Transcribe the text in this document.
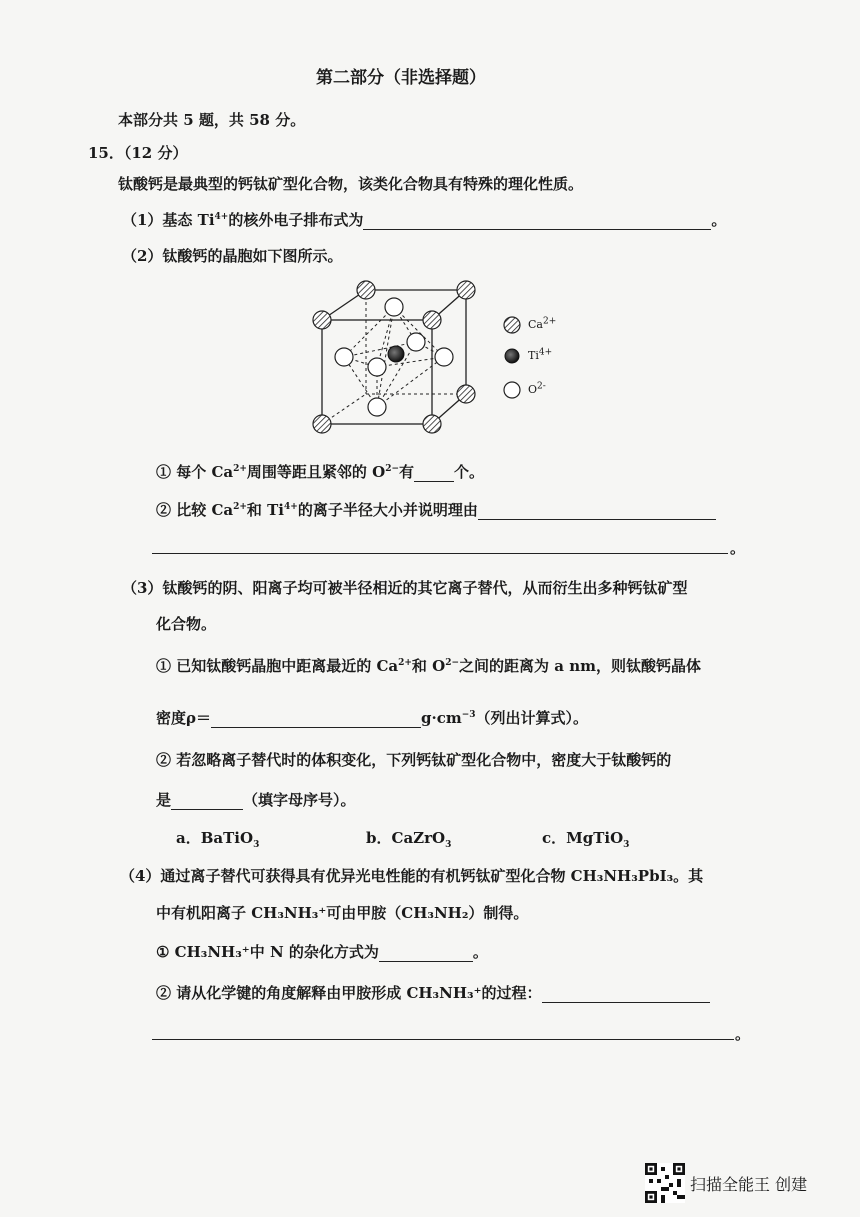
第二部分（非选择题）
本部分共 5 题，共 58 分。
15．（12 分）
钛酸钙是最典型的钙钛矿型化合物，该类化合物具有特殊的理化性质。
（1）基态 $Ti^{4+}$的核外电子排布式为	。
（2）钛酸钙的晶胞如下图所示。
$Ca^{2+}$
$Ti^{4+}$
$O^{2-}$
① 每个 $Ca^{2+}$周围等距且紧邻的 $O^{2-}$有	个。
② 比较 $Ca^{2+}$和 $Ti^{4+}$的离子半径大小并说明理由
。
（3）钛酸钙的阴、阳离子均可被半径相近的其它离子替代，从而衍生出多种钙钛矿型
化合物。
① 已知钛酸钙晶胞中距离最近的 $Ca^{2+}$和 $O^{2-}$之间的距离为 a nm，则钛酸钙晶体
密度ρ＝	$g\cdot cm^{-3}$（列出计算式）。
② 若忽略离子替代时的体积变化，下列钙钛矿型化合物中，密度大于钛酸钙的
是	（填字母序号）。
a．BaTiO$_3$	b．CaZrO$_3$	c．MgTiO$_3$
（4）通过离子替代可获得具有优异光电性能的有机钙钛矿型化合物 CH₃NH₃PbI₃。其
中有机阳离子 CH₃NH₃⁺可由甲胺（CH₃NH₂）制得。
① CH₃NH₃⁺中 N 的杂化方式为	。
② 请从化学键的角度解释由甲胺形成 CH₃NH₃⁺的过程：
。
扫描全能王 创建
